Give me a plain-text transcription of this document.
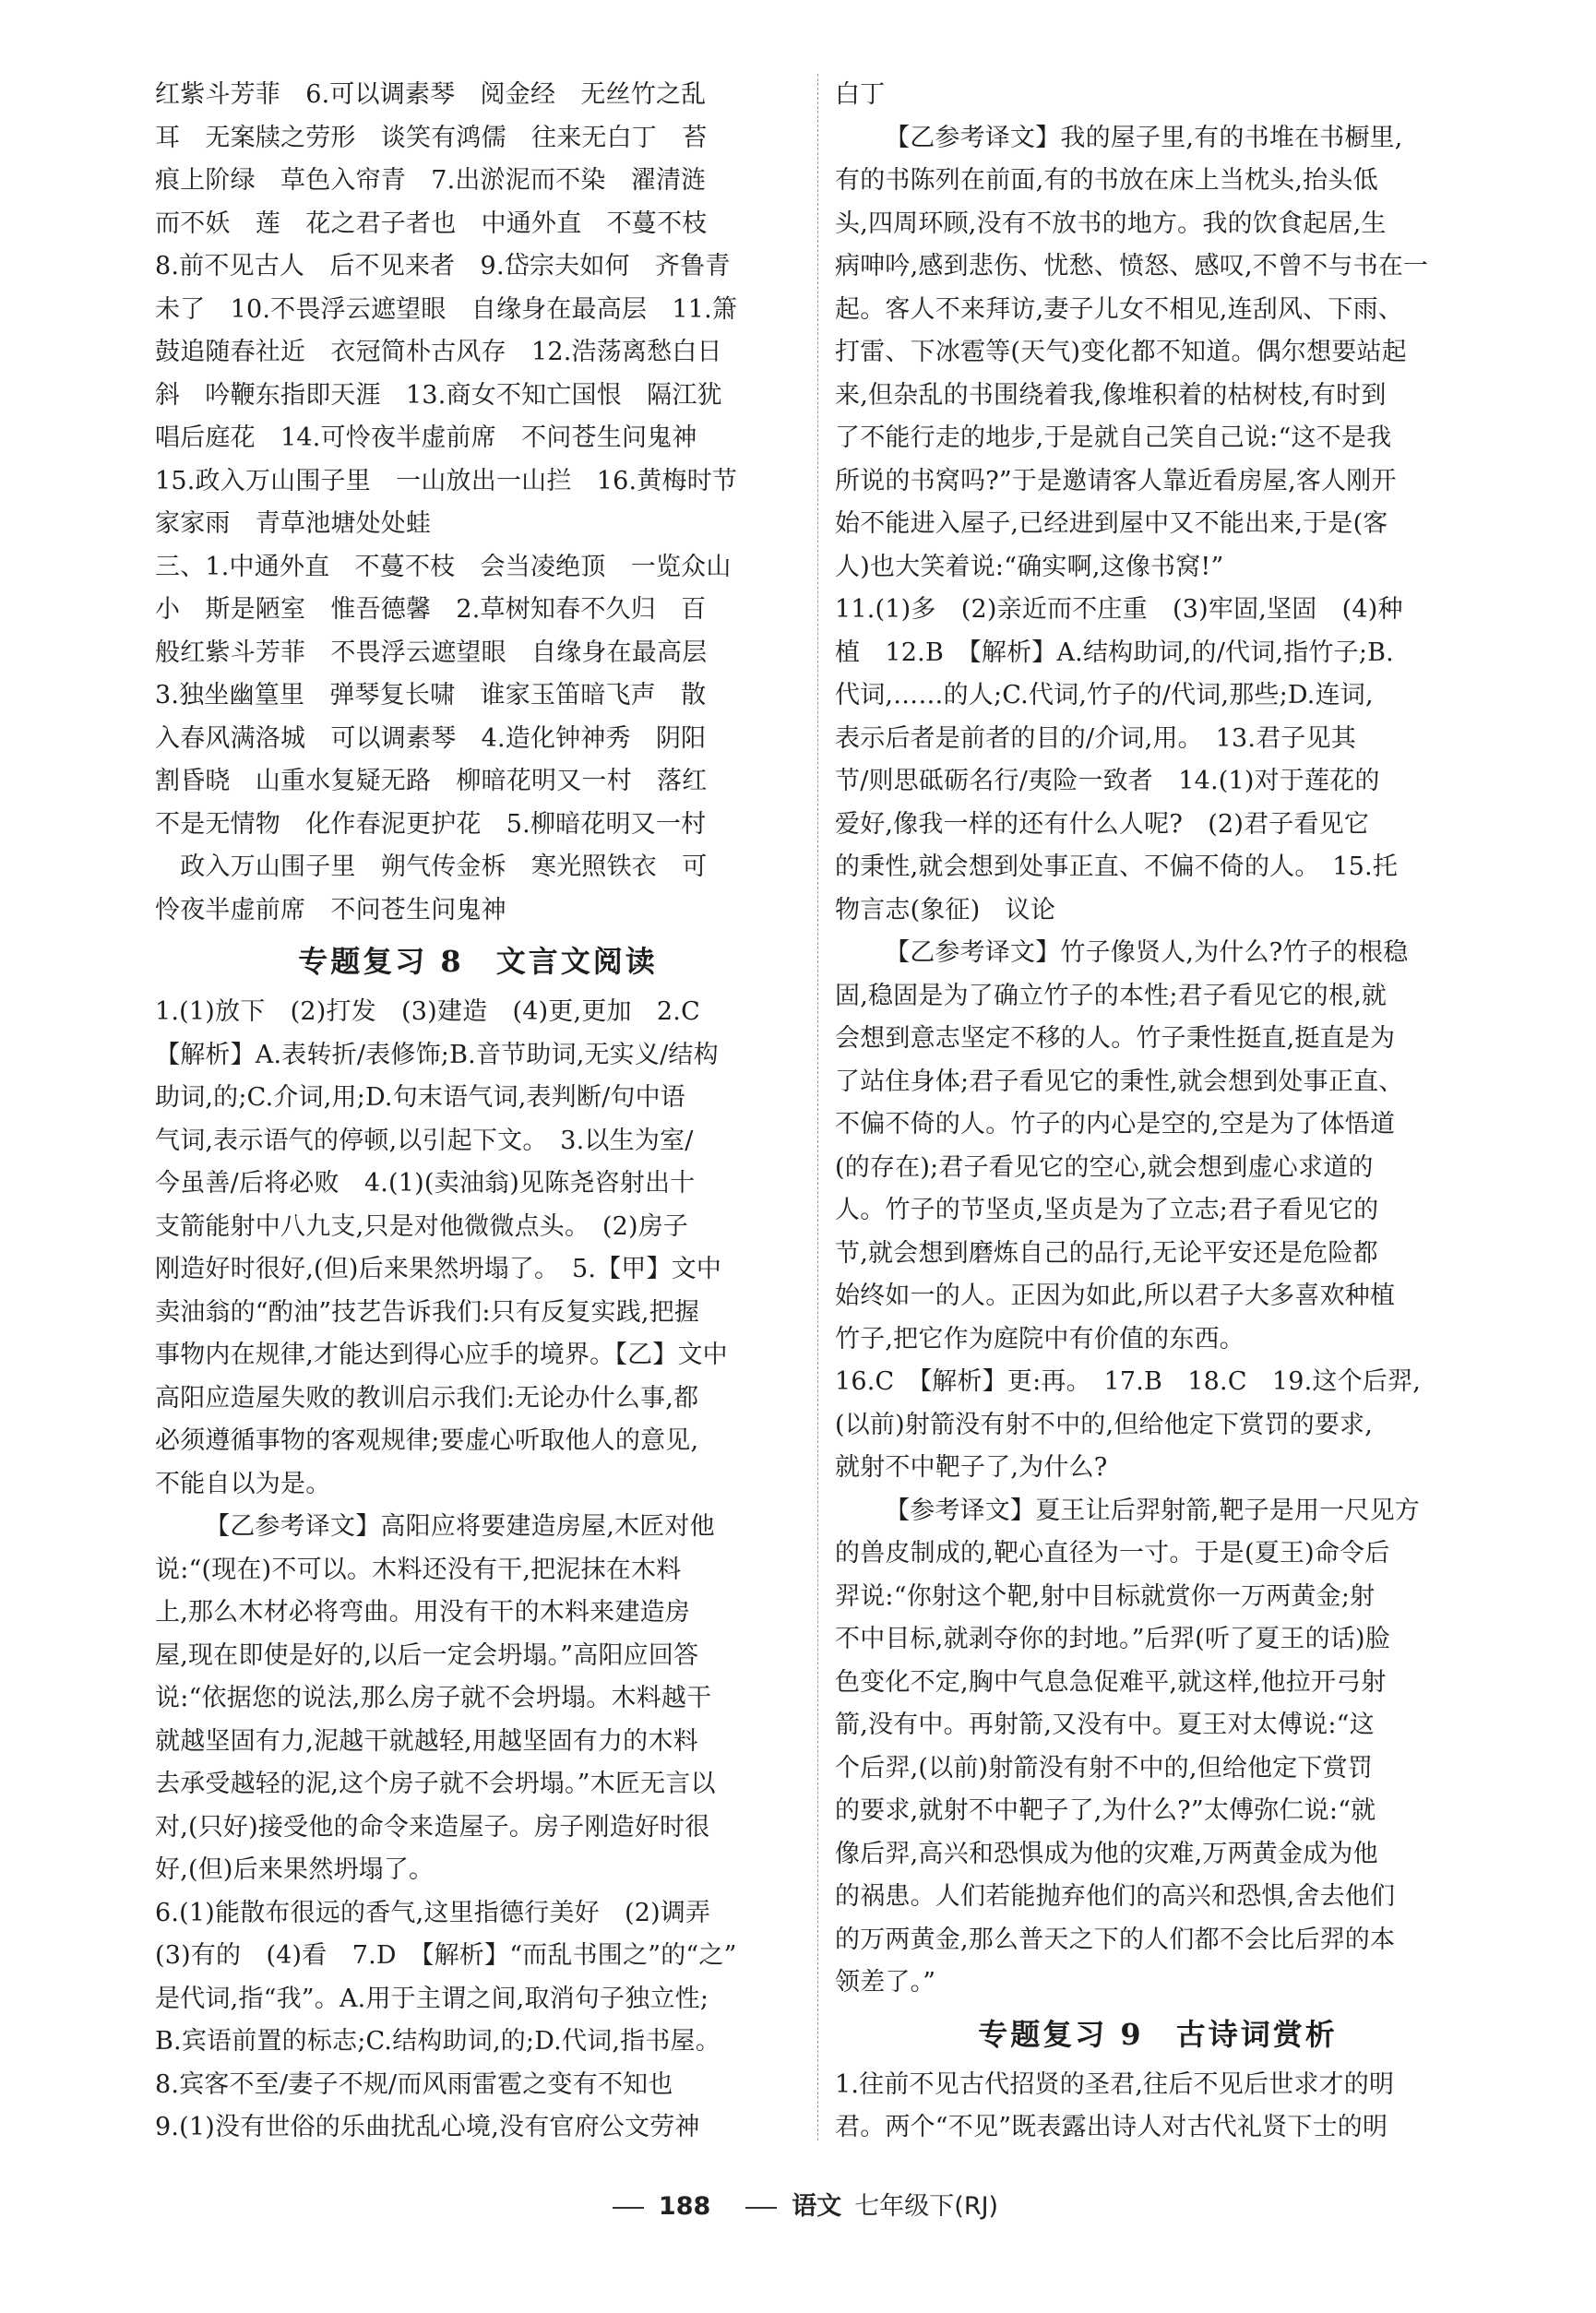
红紫斗芳菲　6.可以调素琴　阅金经　无丝竹之乱
耳　无案牍之劳形　谈笑有鸿儒　往来无白丁　苔
痕上阶绿　草色入帘青　7.出淤泥而不染　濯清涟
而不妖　莲　花之君子者也　中通外直　不蔓不枝
8.前不见古人　后不见来者　9.岱宗夫如何　齐鲁青
未了　10.不畏浮云遮望眼　自缘身在最高层　11.箫
鼓追随春社近　衣冠简朴古风存　12.浩荡离愁白日
斜　吟鞭东指即天涯　13.商女不知亡国恨　隔江犹
唱后庭花　14.可怜夜半虚前席　不问苍生问鬼神
15.政入万山围子里　一山放出一山拦　16.黄梅时节
家家雨　青草池塘处处蛙
三、1.中通外直　不蔓不枝　会当凌绝顶　一览众山
小　斯是陋室　惟吾德馨　2.草树知春不久归　百
般红紫斗芳菲　不畏浮云遮望眼　自缘身在最高层
3.独坐幽篁里　弹琴复长啸　谁家玉笛暗飞声　散
入春风满洛城　可以调素琴　4.造化钟神秀　阴阳
割昏晓　山重水复疑无路　柳暗花明又一村　落红
不是无情物　化作春泥更护花　5.柳暗花明又一村
　政入万山围子里　朔气传金柝　寒光照铁衣　可
怜夜半虚前席　不问苍生问鬼神
专题复习 8　文言文阅读
1.(1)放下　(2)打发　(3)建造　(4)更,更加　2.C
【解析】A.表转折/表修饰;B.音节助词,无实义/结构
助词,的;C.介词,用;D.句末语气词,表判断/句中语
气词,表示语气的停顿,以引起下文。　3.以生为室/
今虽善/后将必败　4.(1)(卖油翁)见陈尧咨射出十
支箭能射中八九支,只是对他微微点头。　(2)房子
刚造好时很好,(但)后来果然坍塌了。　5.【甲】文中
卖油翁的“酌油”技艺告诉我们:只有反复实践,把握
事物内在规律,才能达到得心应手的境界。【乙】文中
高阳应造屋失败的教训启示我们:无论办什么事,都
必须遵循事物的客观规律;要虚心听取他人的意见,
不能自以为是。
【乙参考译文】高阳应将要建造房屋,木匠对他
说:“(现在)不可以。木料还没有干,把泥抹在木料
上,那么木材必将弯曲。用没有干的木料来建造房
屋,现在即使是好的,以后一定会坍塌。”高阳应回答
说:“依据您的说法,那么房子就不会坍塌。木料越干
就越坚固有力,泥越干就越轻,用越坚固有力的木料
去承受越轻的泥,这个房子就不会坍塌。”木匠无言以
对,(只好)接受他的命令来造屋子。房子刚造好时很
好,(但)后来果然坍塌了。
6.(1)能散布很远的香气,这里指德行美好　(2)调弄
(3)有的　(4)看　7.D　【解析】“而乱书围之”的“之”
是代词,指“我”。A.用于主谓之间,取消句子独立性;
B.宾语前置的标志;C.结构助词,的;D.代词,指书屋。
8.宾客不至/妻子不规/而风雨雷雹之变有不知也
9.(1)没有世俗的乐曲扰乱心境,没有官府公文劳神
白丁
【乙参考译文】我的屋子里,有的书堆在书橱里,
有的书陈列在前面,有的书放在床上当枕头,抬头低
头,四周环顾,没有不放书的地方。我的饮食起居,生
病呻吟,感到悲伤、忧愁、愤怒、感叹,不曾不与书在一
起。客人不来拜访,妻子儿女不相见,连刮风、下雨、
打雷、下冰雹等(天气)变化都不知道。偶尔想要站起
来,但杂乱的书围绕着我,像堆积着的枯树枝,有时到
了不能行走的地步,于是就自己笑自己说:“这不是我
所说的书窝吗?”于是邀请客人靠近看房屋,客人刚开
始不能进入屋子,已经进到屋中又不能出来,于是(客
人)也大笑着说:“确实啊,这像书窝!”
11.(1)多　(2)亲近而不庄重　(3)牢固,坚固　(4)种
植　12.B　【解析】A.结构助词,的/代词,指竹子;B.
代词,……的人;C.代词,竹子的/代词,那些;D.连词,
表示后者是前者的目的/介词,用。　13.君子见其
节/则思砥砺名行/夷险一致者　14.(1)对于莲花的
爱好,像我一样的还有什么人呢?　(2)君子看见它
的秉性,就会想到处事正直、不偏不倚的人。　15.托
物言志(象征)　议论
【乙参考译文】竹子像贤人,为什么?竹子的根稳
固,稳固是为了确立竹子的本性;君子看见它的根,就
会想到意志坚定不移的人。竹子秉性挺直,挺直是为
了站住身体;君子看见它的秉性,就会想到处事正直、
不偏不倚的人。竹子的内心是空的,空是为了体悟道
(的存在);君子看见它的空心,就会想到虚心求道的
人。竹子的节坚贞,坚贞是为了立志;君子看见它的
节,就会想到磨炼自己的品行,无论平安还是危险都
始终如一的人。正因为如此,所以君子大多喜欢种植
竹子,把它作为庭院中有价值的东西。
16.C　【解析】更:再。　17.B　18.C　19.这个后羿,
(以前)射箭没有射不中的,但给他定下赏罚的要求,
就射不中靶子了,为什么?
【参考译文】夏王让后羿射箭,靶子是用一尺见方
的兽皮制成的,靶心直径为一寸。于是(夏王)命令后
羿说:“你射这个靶,射中目标就赏你一万两黄金;射
不中目标,就剥夺你的封地。”后羿(听了夏王的话)脸
色变化不定,胸中气息急促难平,就这样,他拉开弓射
箭,没有中。再射箭,又没有中。夏王对太傅说:“这
个后羿,(以前)射箭没有射不中的,但给他定下赏罚
的要求,就射不中靶子了,为什么?”太傅弥仁说:“就
像后羿,高兴和恐惧成为他的灾难,万两黄金成为他
的祸患。人们若能抛弃他们的高兴和恐惧,舍去他们
的万两黄金,那么普天之下的人们都不会比后羿的本
领差了。”
专题复习 9　古诗词赏析
1.往前不见古代招贤的圣君,往后不见后世求才的明
君。两个“不见”既表露出诗人对古代礼贤下士的明
188	语文 七年级下(RJ)
